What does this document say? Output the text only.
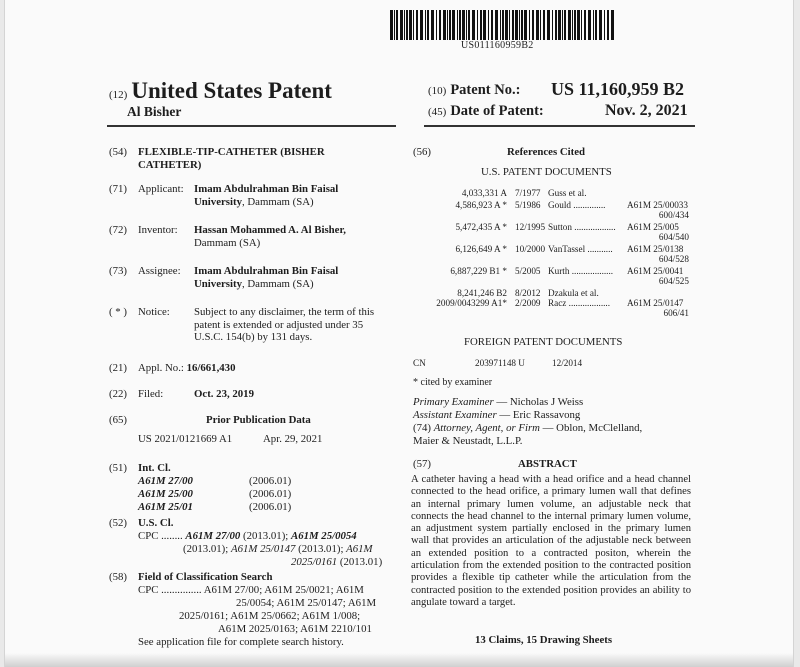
US011160959B2
(12) United States Patent
Al Bisher
(10) Patent No.: US 11,160,959 B2
(45) Date of Patent:	Nov. 2, 2021
(54) FLEXIBLE-TIP-CATHETER (BISHER
CATHETER)
(71) Applicant: Imam Abdulrahman Bin Faisal
University, Dammam (SA)
(72) Inventor: Hassan Mohammed A. Al Bisher,
Dammam (SA)
(73) Assignee: Imam Abdulrahman Bin Faisal
University, Dammam (SA)
( * ) Notice: Subject to any disclaimer, the term of this
patent is extended or adjusted under 35
U.S.C. 154(b) by 131 days.
(21) Appl. No.: 16/661,430
(22) Filed:	Oct. 23, 2019
(65)	Prior Publication Data
US 2021/0121669 A1	Apr. 29, 2021
(51) Int. Cl.
A61M 27/00	(2006.01)
A61M 25/00	(2006.01)
A61M 25/01	(2006.01)
(52) U.S. Cl.
CPC ........ A61M 27/00 (2013.01); A61M 25/0054
(2013.01); A61M 25/0147 (2013.01); A61M
2025/0161 (2013.01)
(58) Field of Classification Search
CPC ............... A61M 27/00; A61M 25/0021; A61M
25/0054; A61M 25/0147; A61M
2025/0161; A61M 25/0662; A61M 1/008;
A61M 2025/0163; A61M 2210/101
See application file for complete search history.
(56)	References Cited
U.S. PATENT DOCUMENTS
4,033,331 A 7/1977 Guss et al.
4,586,923 A * 5/1986 Gould .............. A61M 25/00033
600/434
5,472,435 A * 12/1995 Sutton .................. A61M 25/005
604/540
6,126,649 A * 10/2000 VanTassel ........... A61M 25/0138
604/528
6,887,229 B1 * 5/2005 Kurth .................. A61M 25/0041
604/525
8,241,246 B2 8/2012 Dzakula et al.
2009/0043299 A1* 2/2009 Racz .................. A61M 25/0147
606/41
FOREIGN PATENT DOCUMENTS
CN	203971148 U	12/2014
* cited by examiner
Primary Examiner — Nicholas J Weiss
Assistant Examiner — Eric Rassavong
(74) Attorney, Agent, or Firm — Oblon, McClelland,
Maier & Neustadt, L.L.P.
(57)	ABSTRACT
A catheter having a head with a head orifice and a head channel connected to the head orifice, a primary lumen wall that defines an internal primary lumen volume, an adjustable neck that connects the head channel to the internal primary lumen volume, an adjustment system partially enclosed in the primary lumen wall that provides an articulation of the adjustable neck between an extended position to a contracted positon, wherein the articulation from the extended position to the contracted position provides a flexible tip catheter while the articulation from the contracted position to the extended position provides an ability to angulate toward a target.
13 Claims, 15 Drawing Sheets
